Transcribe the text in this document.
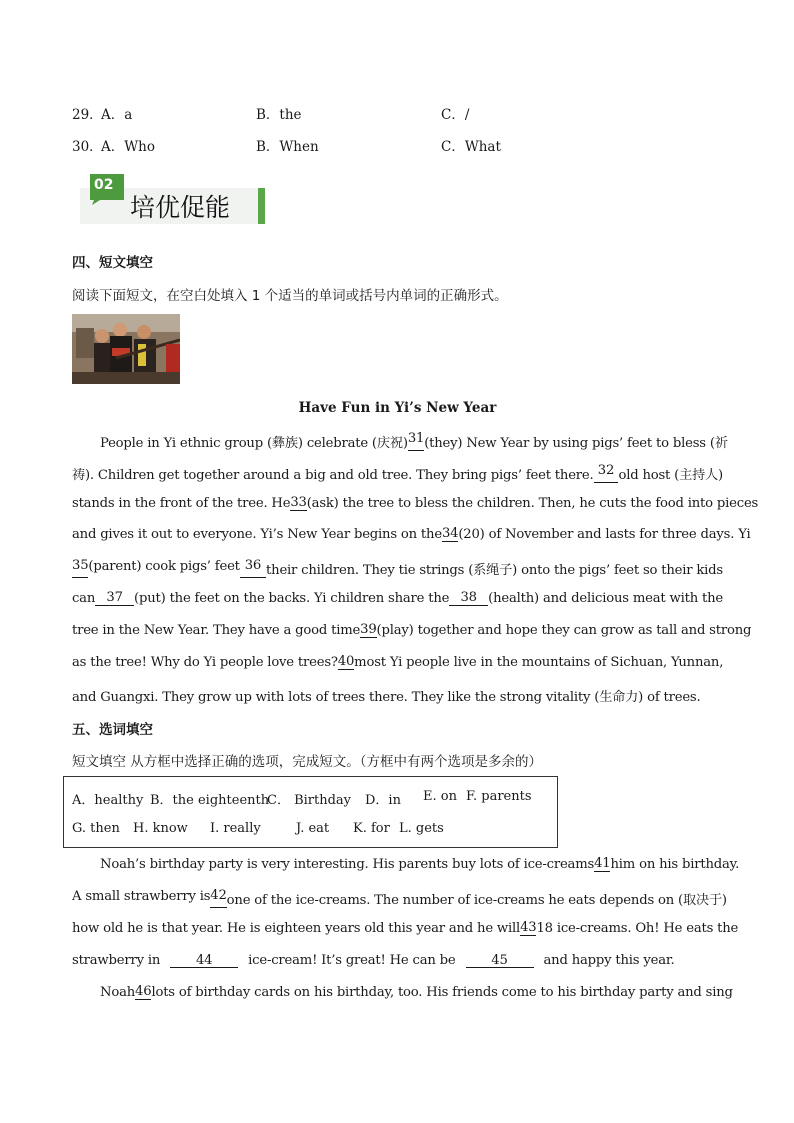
29．
A．a	B．the	C．/
30．
A．Who	B．When	C．What
02
培优促能
四、短文填空
阅读下面短文，在空白处填入 1 个适当的单词或括号内单词的正确形式。
Have Fun in Yi’s New Year
People in Yi ethnic group (彝族) celebrate (庆祝) 31 (they) New Year by using pigs’ feet to bless (祈
祷). Children get together around a big and old tree. They bring pigs’ feet there. 32 old host (主持人)
stands in the front of the tree. He 33 (ask) the tree to bless the children. Then, he cuts the food into pieces
and gives it out to everyone. Yi’s New Year begins on the 34 (20) of November and lasts for three days. Yi
35 (parent) cook pigs’ feet 36 their children. They tie strings (系绳子) onto the pigs’ feet so their kids
can 37 (put) the feet on the backs. Yi children share the 38 (health) and delicious meat with the
tree in the New Year. They have a good time 39 (play) together and hope they can grow as tall and strong
as the tree! Why do Yi people love trees? 40 most Yi people live in the mountains of Sichuan, Yunnan,
and Guangxi. They grow up with lots of trees there. They like the strong vitality (生命力) of trees.
五、选词填空
短文填空 从方框中选择正确的选项，完成短文。（方框中有两个选项是多余的）
A．healthy B．the eighteenth
C． Birthday D．in E. on F. parents
G. then H. know I. really	J. eat K. for L. gets
Noah’s birthday party is very interesting. His parents buy lots of ice-creams 41 him on his birthday.
A small strawberry is 42 one of the ice-creams. The number of ice-creams he eats depends on (取决于)
how old he is that year. He is eighteen years old this year and he will 43 18 ice-creams. Oh! He eats the
strawberry in	44	ice-cream! It’s great! He can be	45	and happy this year.
Noah 46 lots of birthday cards on his birthday, too. His friends come to his birthday party and sing
